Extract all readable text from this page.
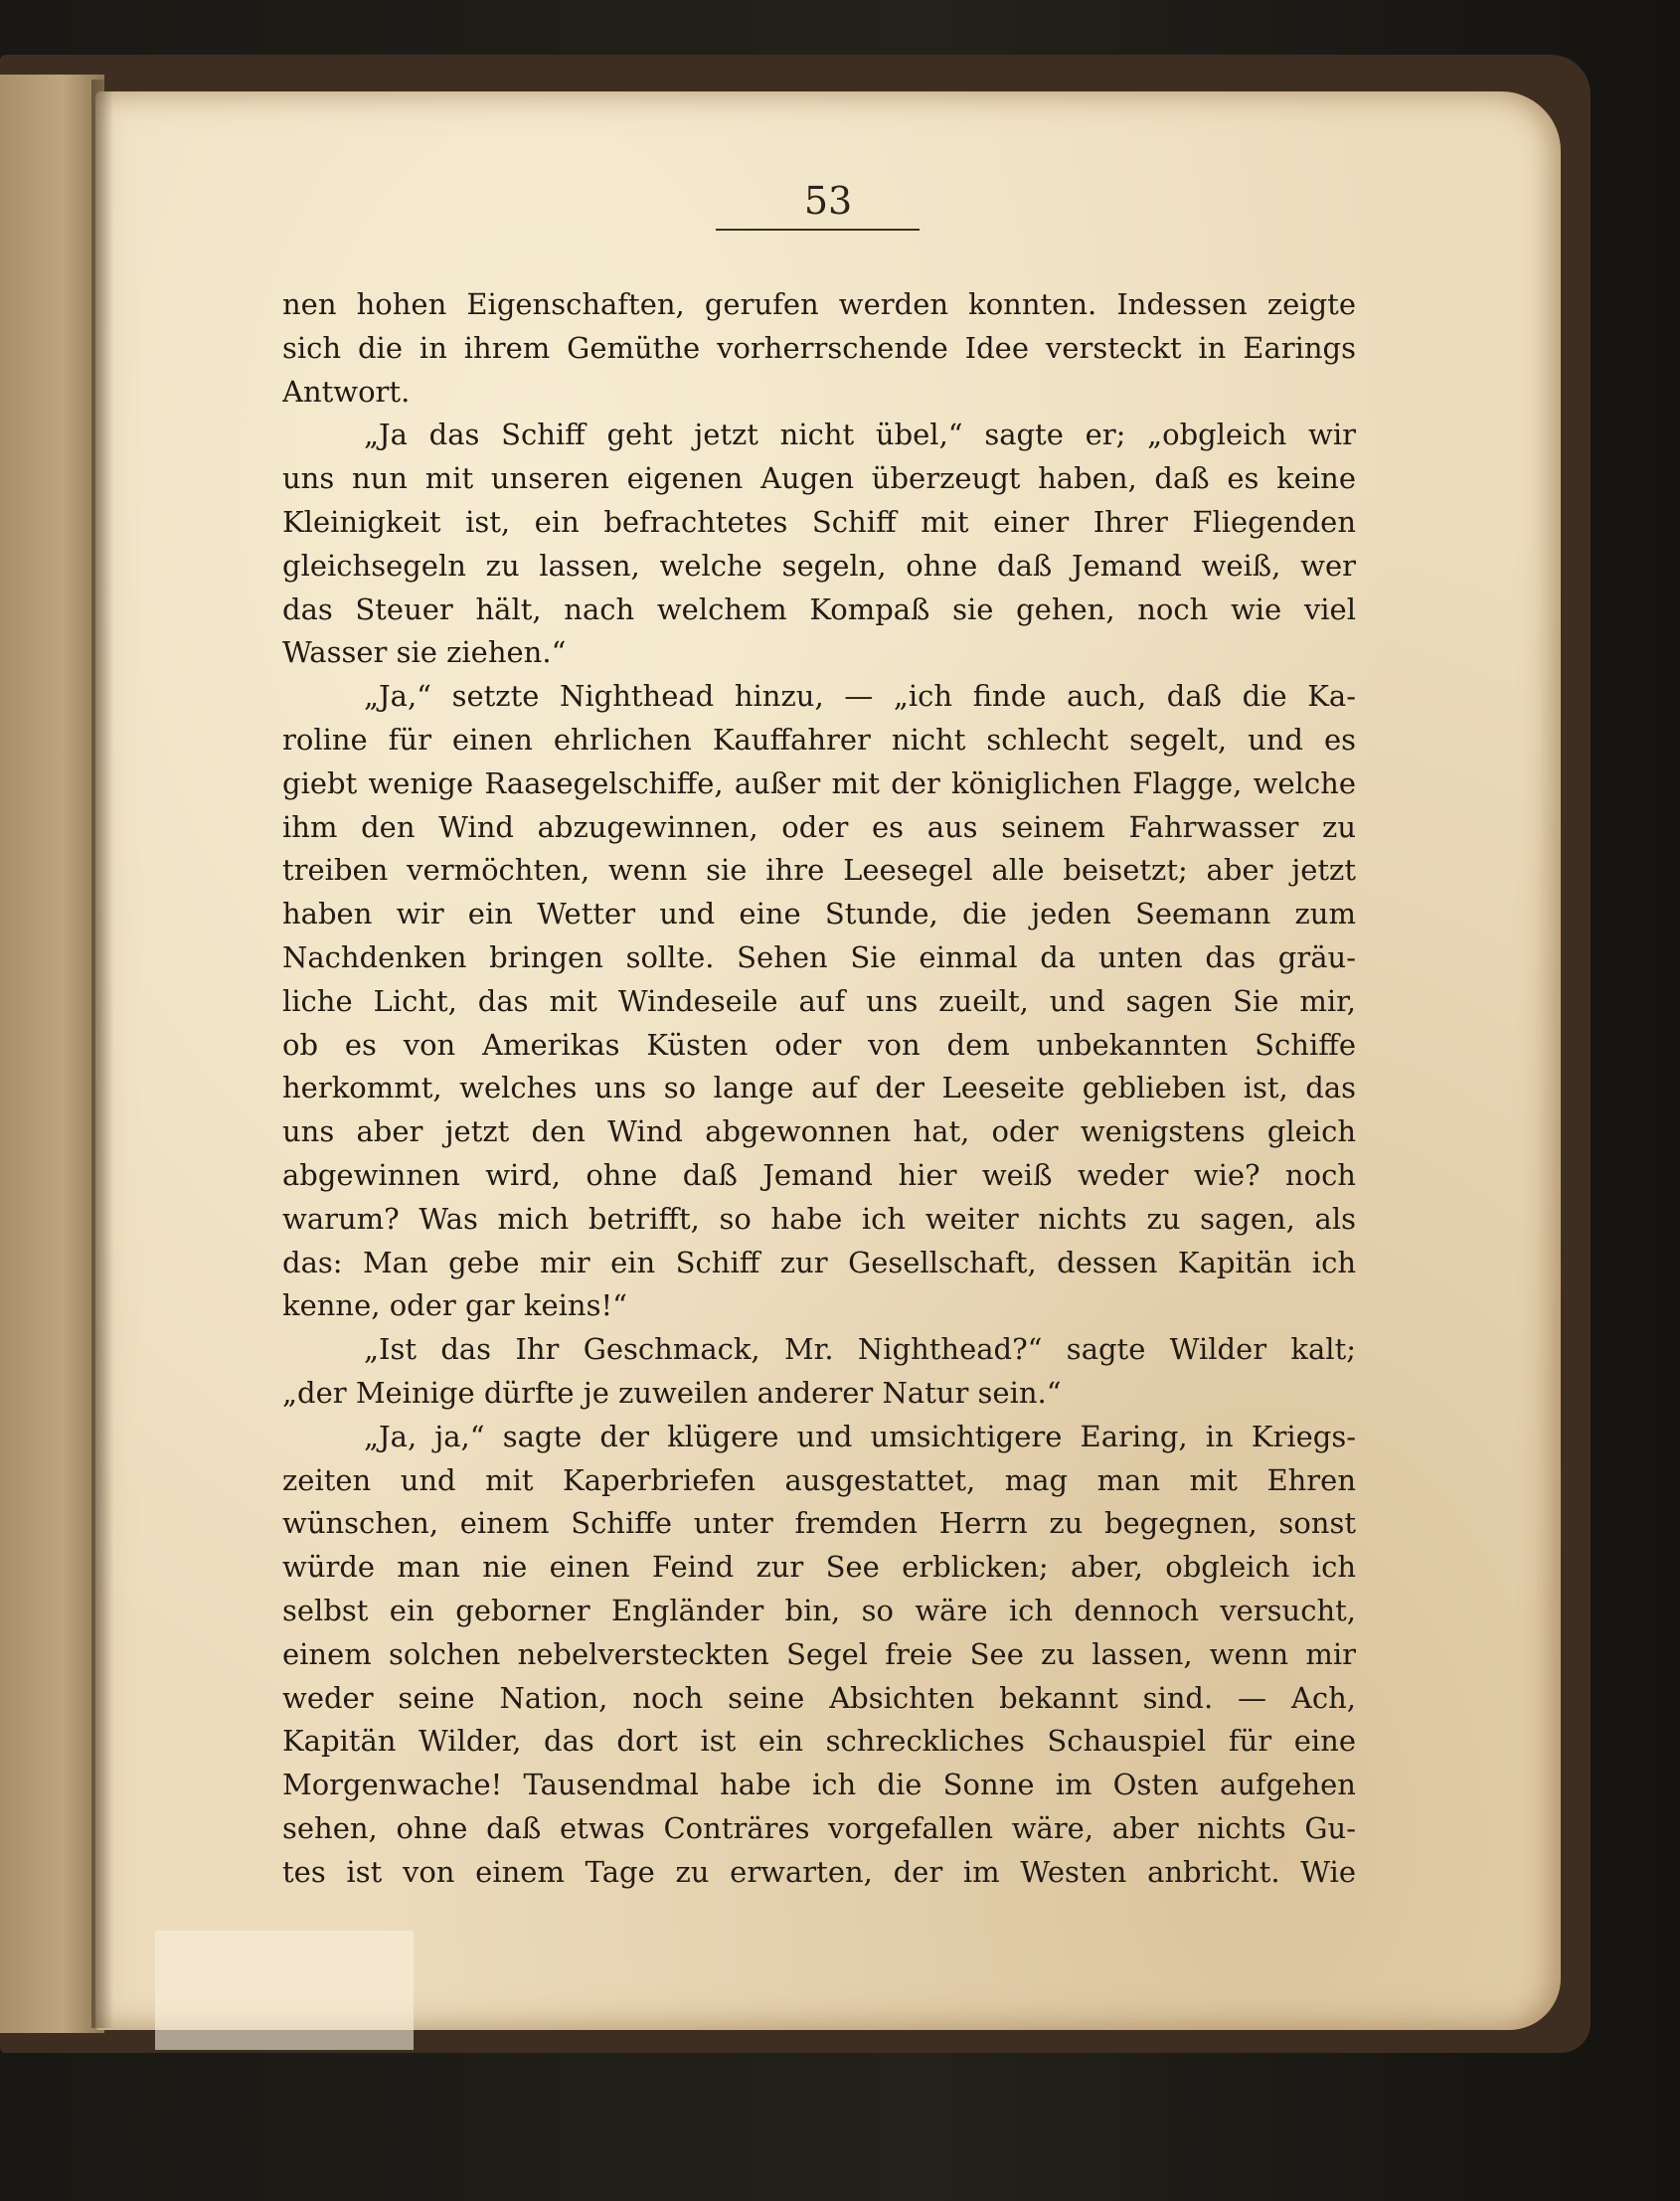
53
nen hohen Eigenschaften, gerufen werden konnten. Indessen zeigte
sich die in ihrem Gemüthe vorherrschende Idee versteckt in Earings
Antwort.
„Ja das Schiff geht jetzt nicht übel,“ sagte er; „obgleich wir
uns nun mit unseren eigenen Augen überzeugt haben, daß es keine
Kleinigkeit ist, ein befrachtetes Schiff mit einer Ihrer Fliegenden
gleichsegeln zu lassen, welche segeln, ohne daß Jemand weiß, wer
das Steuer hält, nach welchem Kompaß sie gehen, noch wie viel
Wasser sie ziehen.“
„Ja,“ setzte Nighthead hinzu, — „ich finde auch, daß die Ka-
roline für einen ehrlichen Kauffahrer nicht schlecht segelt, und es
giebt wenige Raasegelschiffe, außer mit der königlichen Flagge, welche
ihm den Wind abzugewinnen, oder es aus seinem Fahrwasser zu
treiben vermöchten, wenn sie ihre Leesegel alle beisetzt; aber jetzt
haben wir ein Wetter und eine Stunde, die jeden Seemann zum
Nachdenken bringen sollte. Sehen Sie einmal da unten das gräu-
liche Licht, das mit Windeseile auf uns zueilt, und sagen Sie mir,
ob es von Amerikas Küsten oder von dem unbekannten Schiffe
herkommt, welches uns so lange auf der Leeseite geblieben ist, das
uns aber jetzt den Wind abgewonnen hat, oder wenigstens gleich
abgewinnen wird, ohne daß Jemand hier weiß weder wie? noch
warum? Was mich betrifft, so habe ich weiter nichts zu sagen, als
das: Man gebe mir ein Schiff zur Gesellschaft, dessen Kapitän ich
kenne, oder gar keins!“
„Ist das Ihr Geschmack, Mr. Nighthead?“ sagte Wilder kalt;
„der Meinige dürfte je zuweilen anderer Natur sein.“
„Ja, ja,“ sagte der klügere und umsichtigere Earing, in Kriegs-
zeiten und mit Kaperbriefen ausgestattet, mag man mit Ehren
wünschen, einem Schiffe unter fremden Herrn zu begegnen, sonst
würde man nie einen Feind zur See erblicken; aber, obgleich ich
selbst ein geborner Engländer bin, so wäre ich dennoch versucht,
einem solchen nebelversteckten Segel freie See zu lassen, wenn mir
weder seine Nation, noch seine Absichten bekannt sind. — Ach,
Kapitän Wilder, das dort ist ein schreckliches Schauspiel für eine
Morgenwache! Tausendmal habe ich die Sonne im Osten aufgehen
sehen, ohne daß etwas Conträres vorgefallen wäre, aber nichts Gu-
tes ist von einem Tage zu erwarten, der im Westen anbricht. Wie
